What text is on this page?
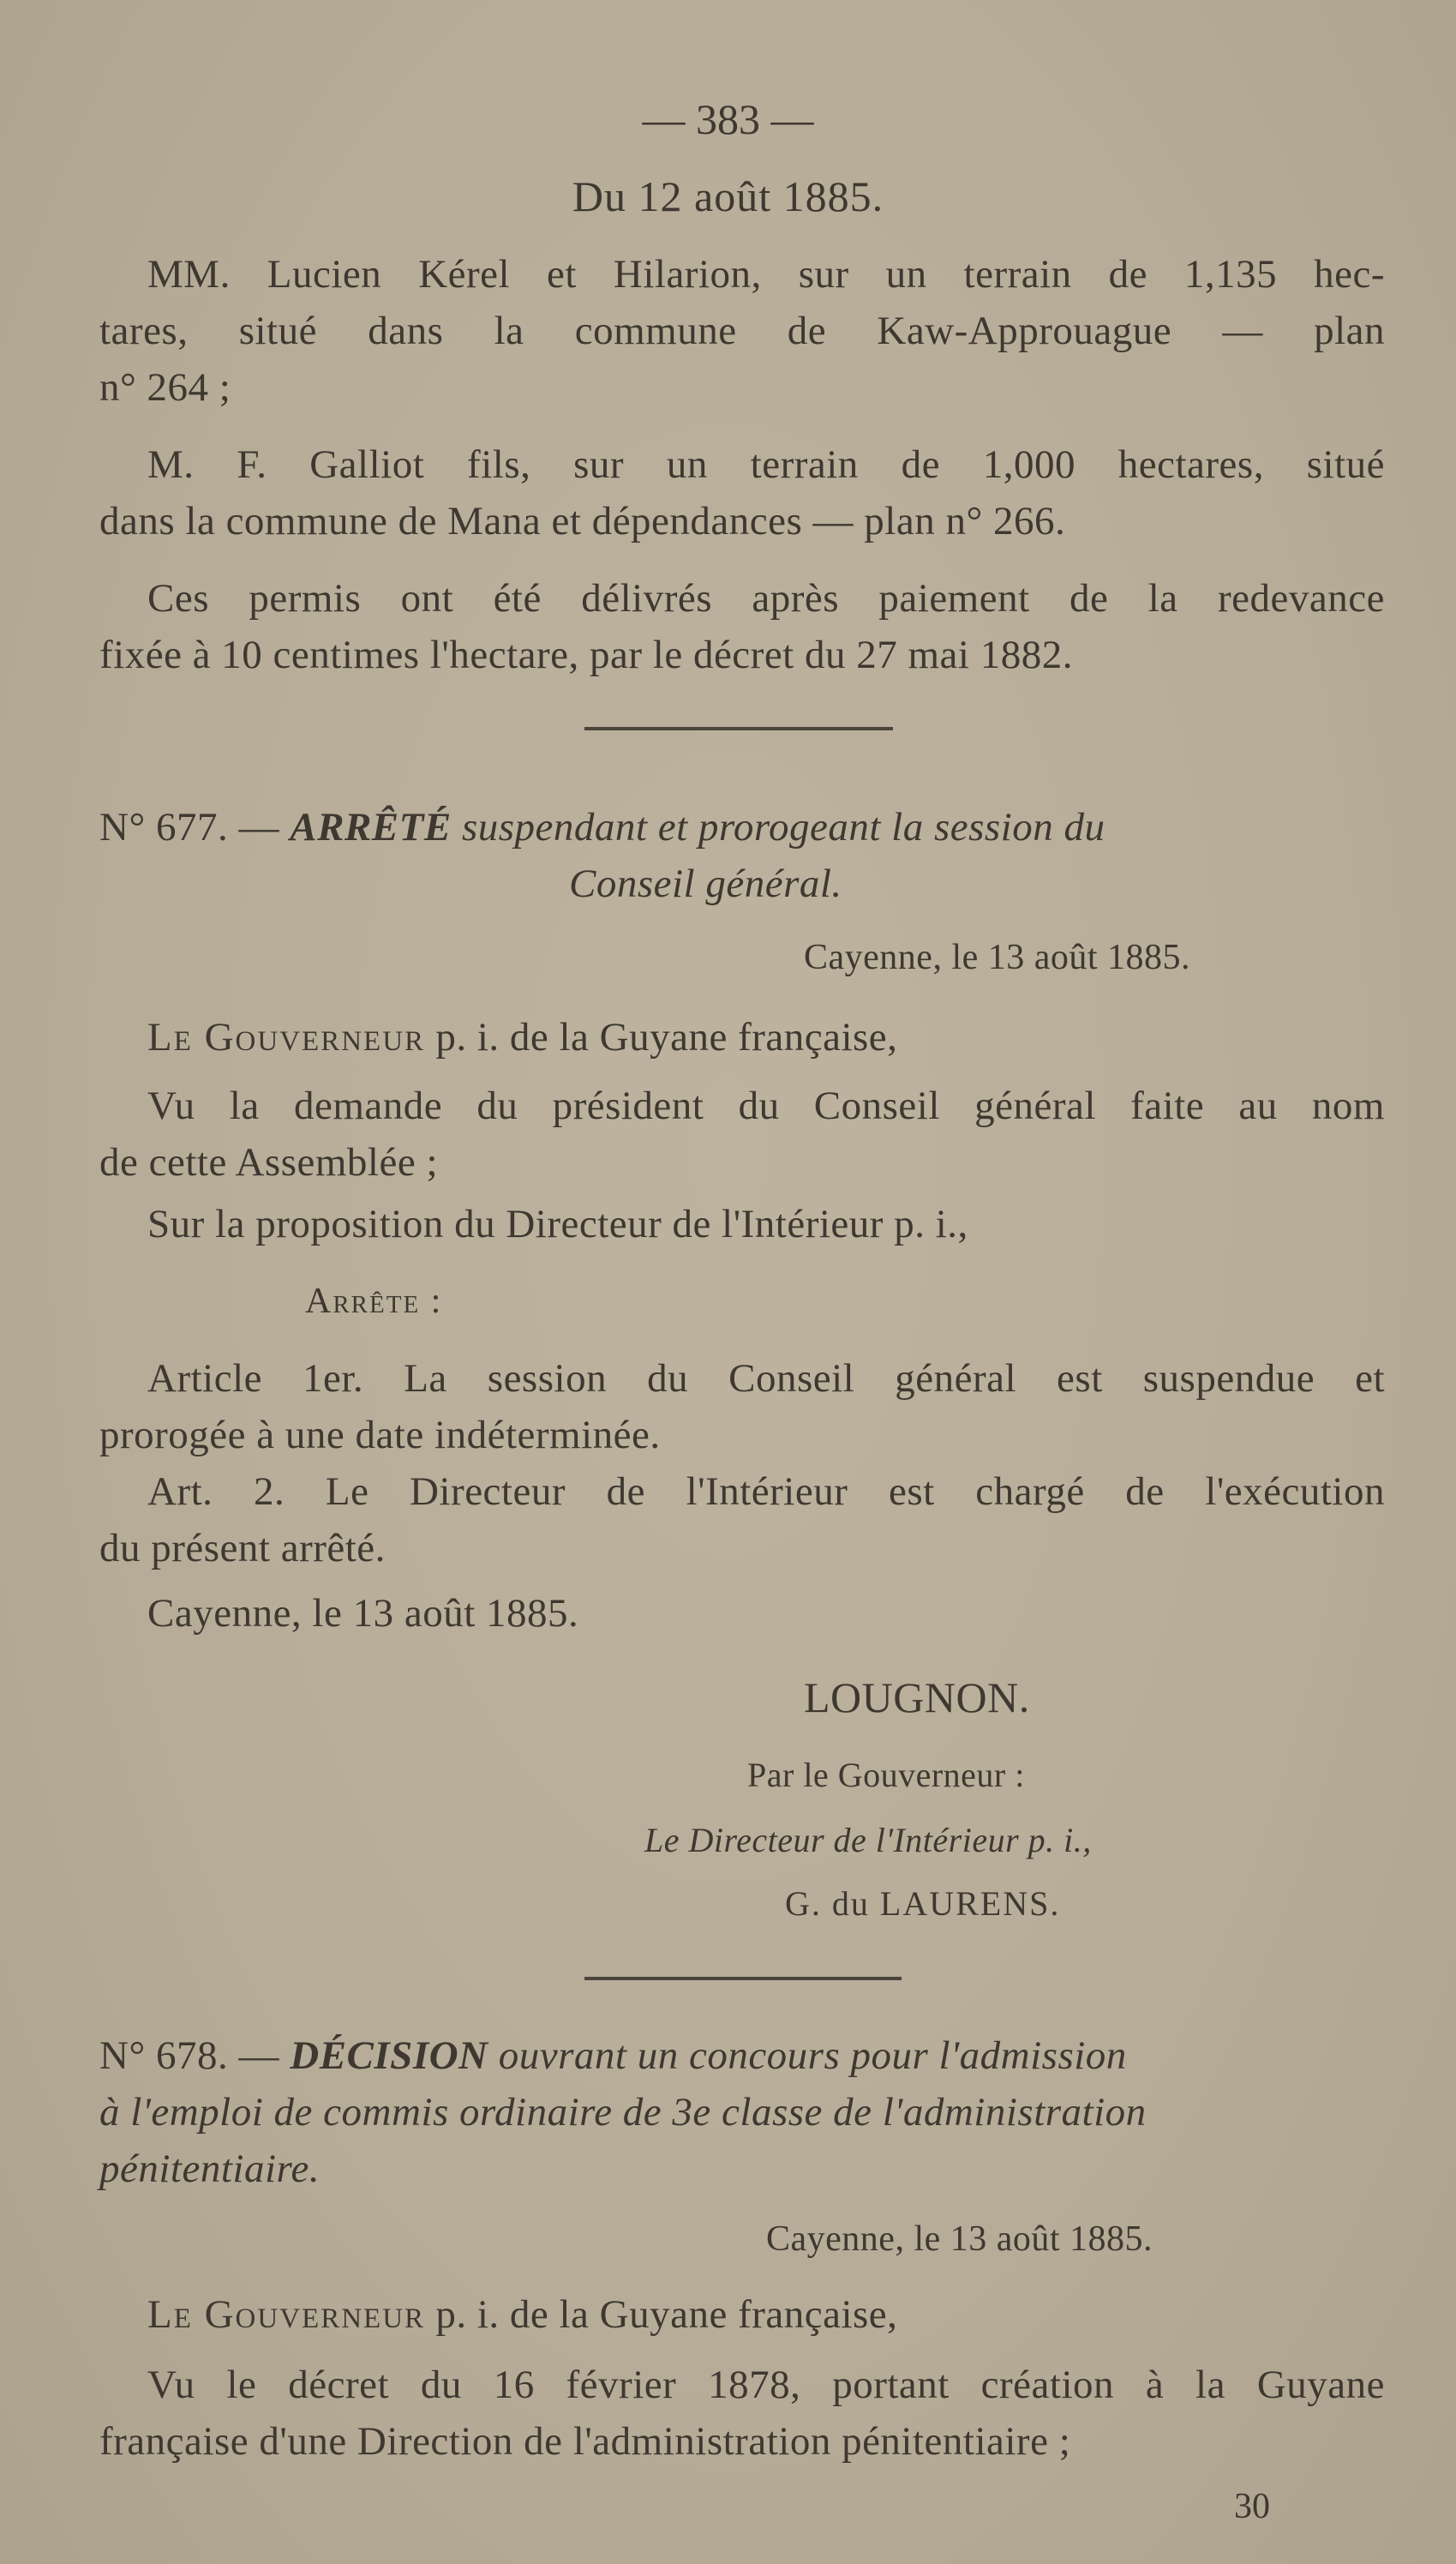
— 383 —
Du 12 août 1885.
MM. Lucien Kérel et Hilarion, sur un terrain de 1,135 hec-
tares, situé dans la commune de Kaw-Approuague — plan
n° 264 ;
M. F. Galliot fils, sur un terrain de 1,000 hectares, situé
dans la commune de Mana et dépendances — plan n° 266.
Ces permis ont été délivrés après paiement de la redevance
fixée à 10 centimes l'hectare, par le décret du 27 mai 1882.
N° 677. — ARRÊTÉ suspendant et prorogeant la session du
Conseil général.
Cayenne, le 13 août 1885.
Le Gouverneur p. i. de la Guyane française,
Vu la demande du président du Conseil général faite au nom
de cette Assemblée ;
Sur la proposition du Directeur de l'Intérieur p. i.,
Arrête :
Article 1er. La session du Conseil général est suspendue et
prorogée à une date indéterminée.
Art. 2. Le Directeur de l'Intérieur est chargé de l'exécution
du présent arrêté.
Cayenne, le 13 août 1885.
LOUGNON.
Par le Gouverneur :
Le Directeur de l'Intérieur p. i.,
G. du LAURENS.
N° 678. — DÉCISION ouvrant un concours pour l'admission
à l'emploi de commis ordinaire de 3e classe de l'administration
pénitentiaire.
Cayenne, le 13 août 1885.
Le Gouverneur p. i. de la Guyane française,
Vu le décret du 16 février 1878, portant création à la Guyane
française d'une Direction de l'administration pénitentiaire ;
30
